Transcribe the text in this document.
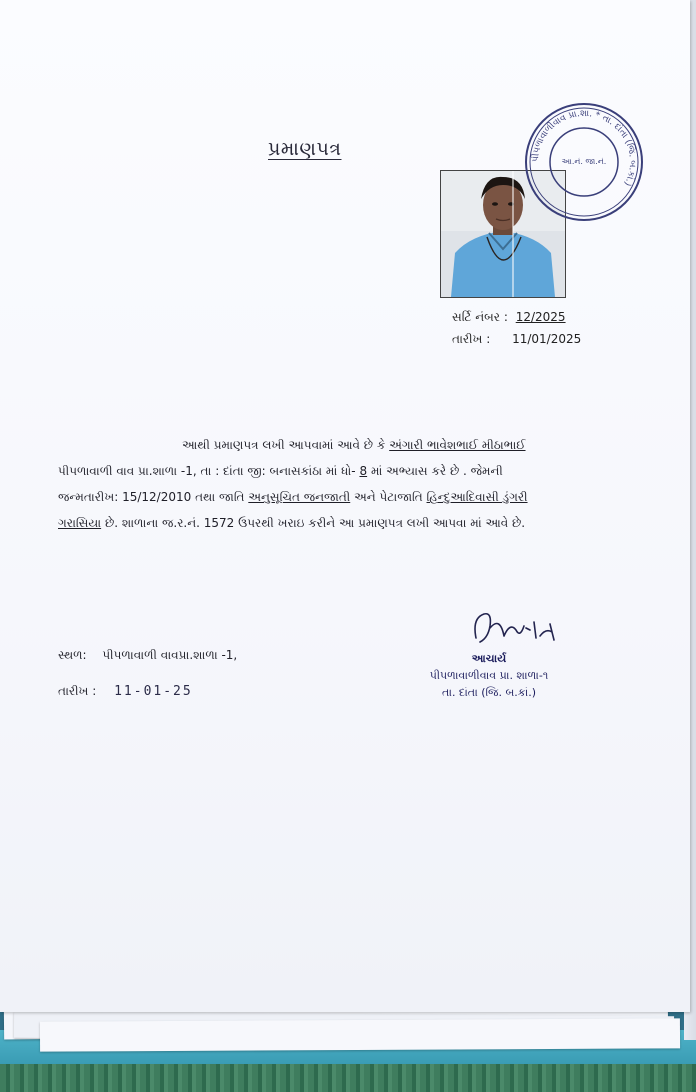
પ્રમાણપત્ર	પીપળાવાળીવાવ પ્રા.શા. * તા. દાંતા (જિ. બ.કાં.)
આ.નં. જા.નં.
સર્ટિ નંબર : 12/2025
તારીખ : 11/01/2025
આથી પ્રમાણપત્ર લખી આપવામાં આવે છે કે અંગારી ભાવેશભાઈ મીઠાભાઈ
પીપળાવાળી વાવ પ્રા.શાળા -1, તા : દાંતા જી: બનાસકાંઠા માં ધો- 8 માં અભ્યાસ કરે છે . જેમની
જન્મતારીખ: 15/12/2010 તથા જાતિ અનુસૂચિત જનજાતી અને પેટાજાતિ હિન્દુઆદિવાસી ડુંગરી
ગરાસિયા છે. શાળાના જ.ર.નં. 1572 ઉપરથી ખરાઇ કરીને આ પ્રમાણપત્ર લખી આપવા માં આવે છે.
સ્થળ: પીપળાવાળી વાવપ્રા.શાળા -1,
તારીખ : 11-01-25
આચાર્ય
પીપળાવાળીવાવ પ્રા. શાળા-૧
તા. દાંતા (જિ. બ.કાં.)
